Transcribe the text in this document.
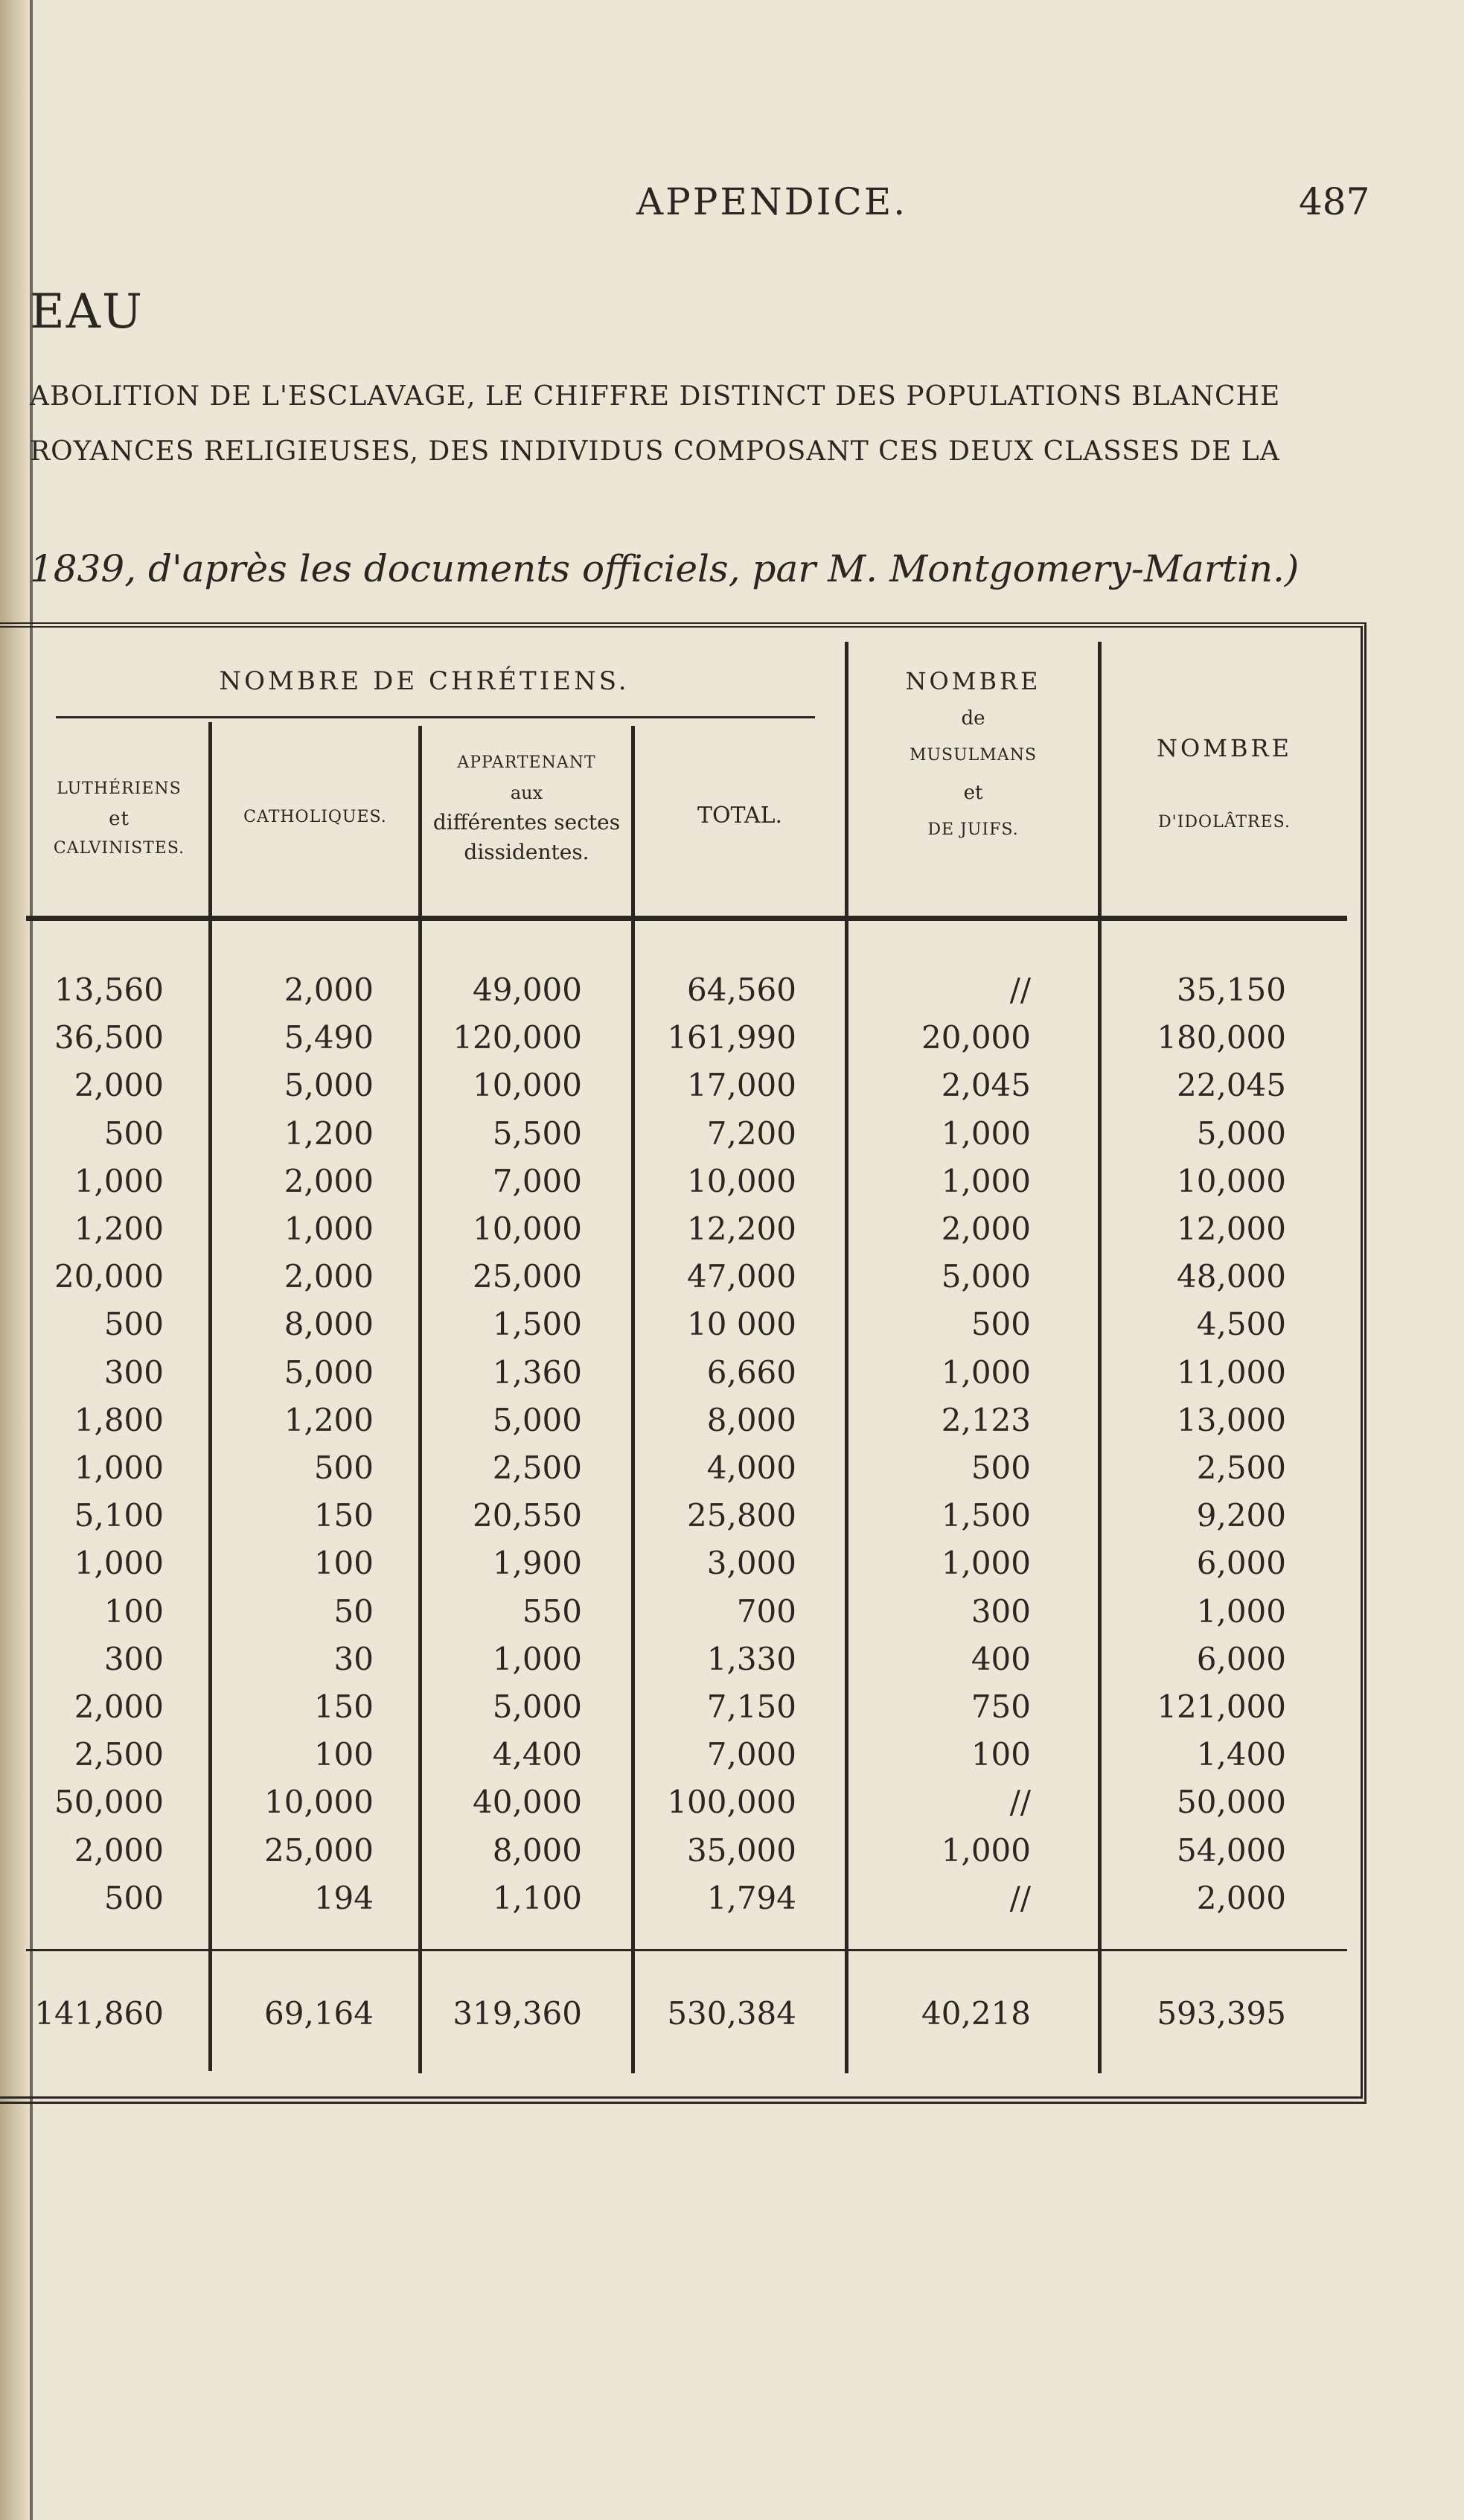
APPENDICE.	487
EAU
ABOLITION DE L'ESCLAVAGE, LE CHIFFRE DISTINCT DES POPULATIONS BLANCHE
ROYANCES RELIGIEUSES, DES INDIVIDUS COMPOSANT CES DEUX CLASSES DE LA
1839, d'après les documents officiels, par M. Montgomery-Martin.)
NOMBRE DE CHRÉTIENS.
LUTHÉRIENS
et
CALVINISTES.
CATHOLIQUES.
APPARTENANT
aux
différentes sectes
dissidentes.
TOTAL.
NOMBRE
de
MUSULMANS
et
DE JUIFS.
NOMBRE
D'IDOLÂTRES.
13,560	2,000	49,000	64,560	//	35,150
36,500	5,490	120,000	161,990	20,000	180,000
2,000	5,000	10,000	17,000	2,045	22,045
500	1,200	5,500	7,200	1,000	5,000
1,000	2,000	7,000	10,000	1,000	10,000
1,200	1,000	10,000	12,200	2,000	12,000
20,000	2,000	25,000	47,000	5,000	48,000
500	8,000	1,500	10 000	500	4,500
300	5,000	1,360	6,660	1,000	11,000
1,800	1,200	5,000	8,000	2,123	13,000
1,000	500	2,500	4,000	500	2,500
5,100	150	20,550	25,800	1,500	9,200
1,000	100	1,900	3,000	1,000	6,000
100	50	550	700	300	1,000
300	30	1,000	1,330	400	6,000
2,000	150	5,000	7,150	750	121,000
2,500	100	4,400	7,000	100	1,400
50,000	10,000	40,000	100,000	//	50,000
2,000	25,000	8,000	35,000	1,000	54,000
500	194	1,100	1,794	//	2,000
141,860	69,164	319,360	530,384	40,218	593,395
